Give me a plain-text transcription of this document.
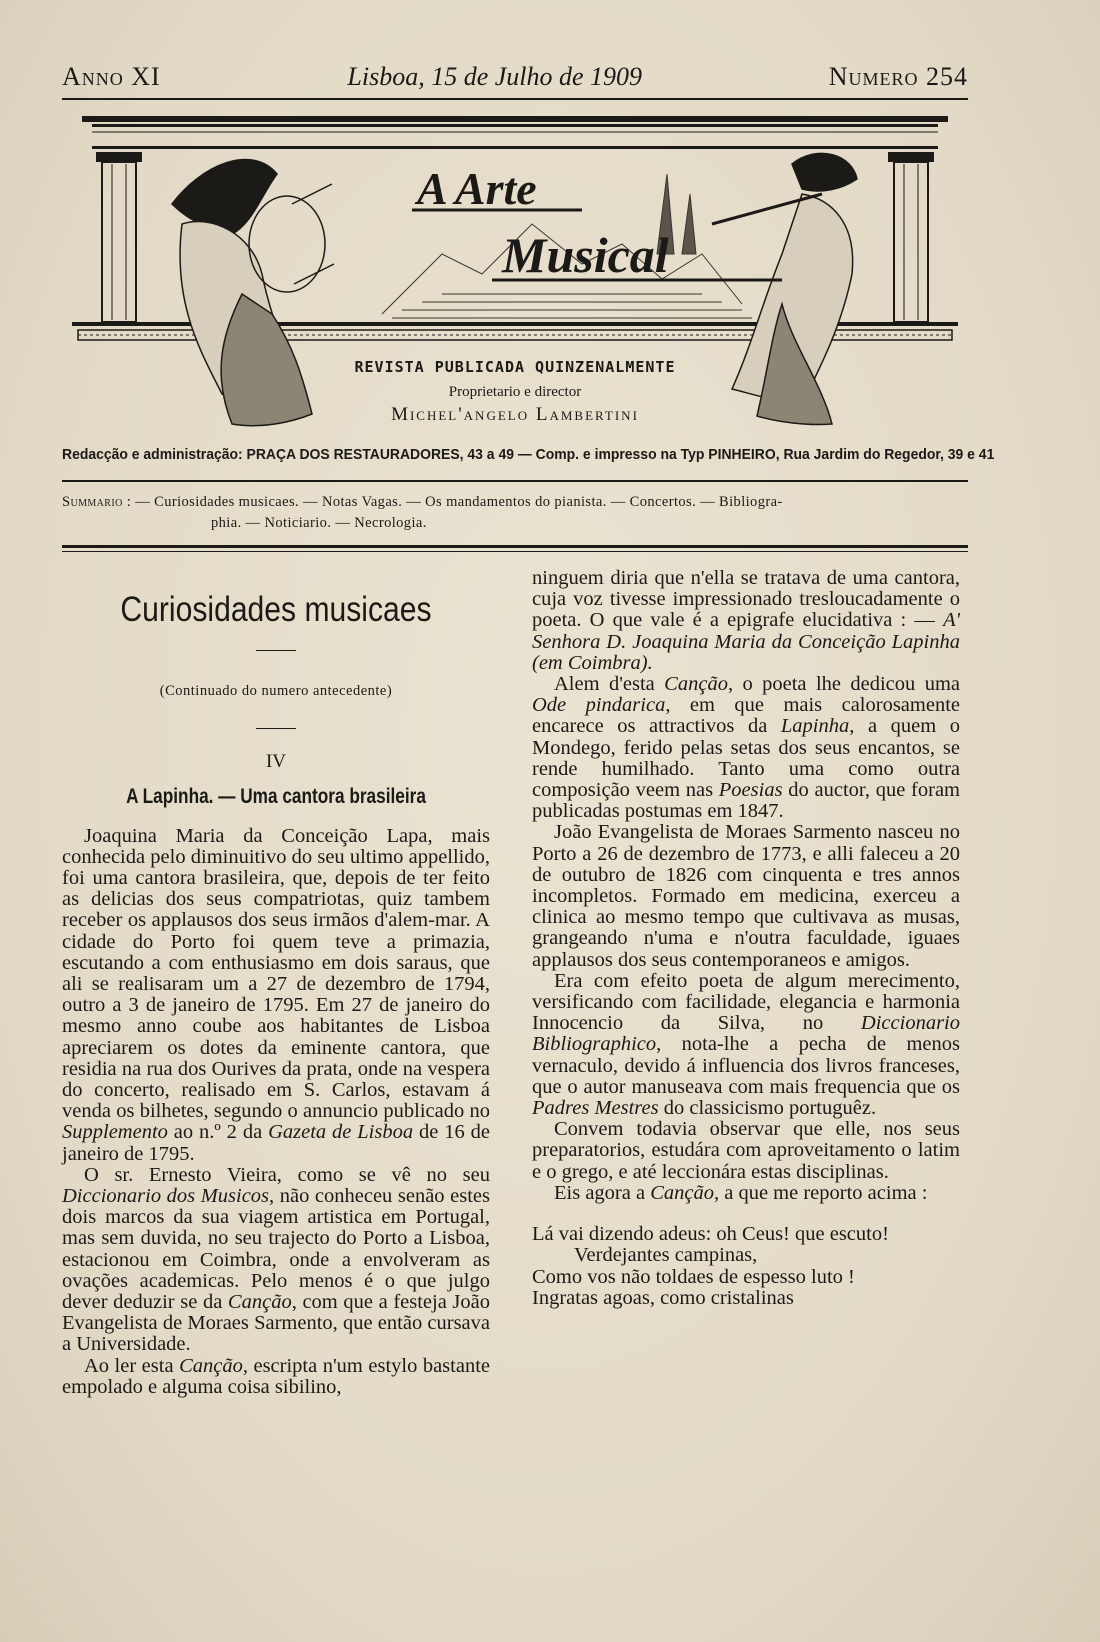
Anno XI	Lisboa, 15 de Julho de 1909	Numero 254
A Arte
Musical
REVISTA PUBLICADA QUINZENALMENTE
Proprietario e director
Michel'angelo Lambertini
Redacção e administração: PRAÇA DOS RESTAURADORES, 43 a 49 — Comp. e impresso na Typ PINHEIRO, Rua Jardim do Regedor, 39 e 41
Summario : — Curiosidades musicaes. — Notas Vagas. — Os mandamentos do pianista. — Concertos. — Bibliogra-
phia. — Noticiario. — Necrologia.
Curiosidades musicaes
(Continuado do numero antecedente)
IV
A Lapinha. — Uma cantora brasileira

Joaquina Maria da Conceição Lapa, mais conhecida pelo diminuitivo do seu ultimo appellido, foi uma cantora brasileira, que, depois de ter feito as delicias dos seus compatriotas, quiz tambem receber os applausos dos seus irmãos d'alem-mar. A cidade do Porto foi quem teve a primazia, escutando a com enthusiasmo em dois saraus, que ali se realisaram um a 27 de dezembro de 1794, outro a 3 de janeiro de 1795. Em 27 de janeiro do mesmo anno coube aos habitantes de Lisboa apreciarem os dotes da eminente cantora, que residia na rua dos Ourives da prata, onde na vespera do concerto, realisado em S. Carlos, estavam á venda os bilhetes, segundo o annuncio publicado no Supplemento ao n.º 2 da Gazeta de Lisboa de 16 de janeiro de 1795.

O sr. Ernesto Vieira, como se vê no seu Diccionario dos Musicos, não conheceu senão estes dois marcos da sua viagem artistica em Portugal, mas sem duvida, no seu trajecto do Porto a Lisboa, estacionou em Coimbra, onde a envolveram as ovações academicas. Pelo menos é o que julgo dever deduzir se da Canção, com que a festeja João Evangelista de Moraes Sarmento, que então cursava a Universidade.

Ao ler esta Canção, escripta n'um estylo bastante empolado e alguma coisa sibilino,

ninguem diria que n'ella se tratava de uma cantora, cuja voz tivesse impressionado tresloucadamente o poeta. O que vale é a epigrafe elucidativa : — A' Senhora D. Joaquina Maria da Conceição Lapinha (em Coimbra).

Alem d'esta Canção, o poeta lhe dedicou uma Ode pindarica, em que mais calorosamente encarece os attractivos da Lapinha, a quem o Mondego, ferido pelas setas dos seus encantos, se rende humilhado. Tanto uma como outra composição veem nas Poesias do auctor, que foram publicadas postumas em 1847.

João Evangelista de Moraes Sarmento nasceu no Porto a 26 de dezembro de 1773, e alli faleceu a 20 de outubro de 1826 com cinquenta e tres annos incompletos. Formado em medicina, exerceu a clinica ao mesmo tempo que cultivava as musas, grangeando n'uma e n'outra faculdade, iguaes applausos dos seus contemporaneos e amigos.

Era com efeito poeta de algum merecimento, versificando com facilidade, elegancia e harmonia Innocencio da Silva, no Diccionario Bibliographico, nota-lhe a pecha de menos vernaculo, devido á influencia dos livros franceses, que o autor manuseava com mais frequencia que os Padres Mestres do classicismo portuguêz.

Convem todavia observar que elle, nos seus preparatorios, estudára com aproveitamento o latim e o grego, e até leccionára estas disciplinas.

Eis agora a Canção, a que me reporto acima :

Lá vai dizendo adeus: oh Ceus! que escuto!
Verdejantes campinas,
Como vos não toldaes de espesso luto !
Ingratas agoas, como cristalinas
